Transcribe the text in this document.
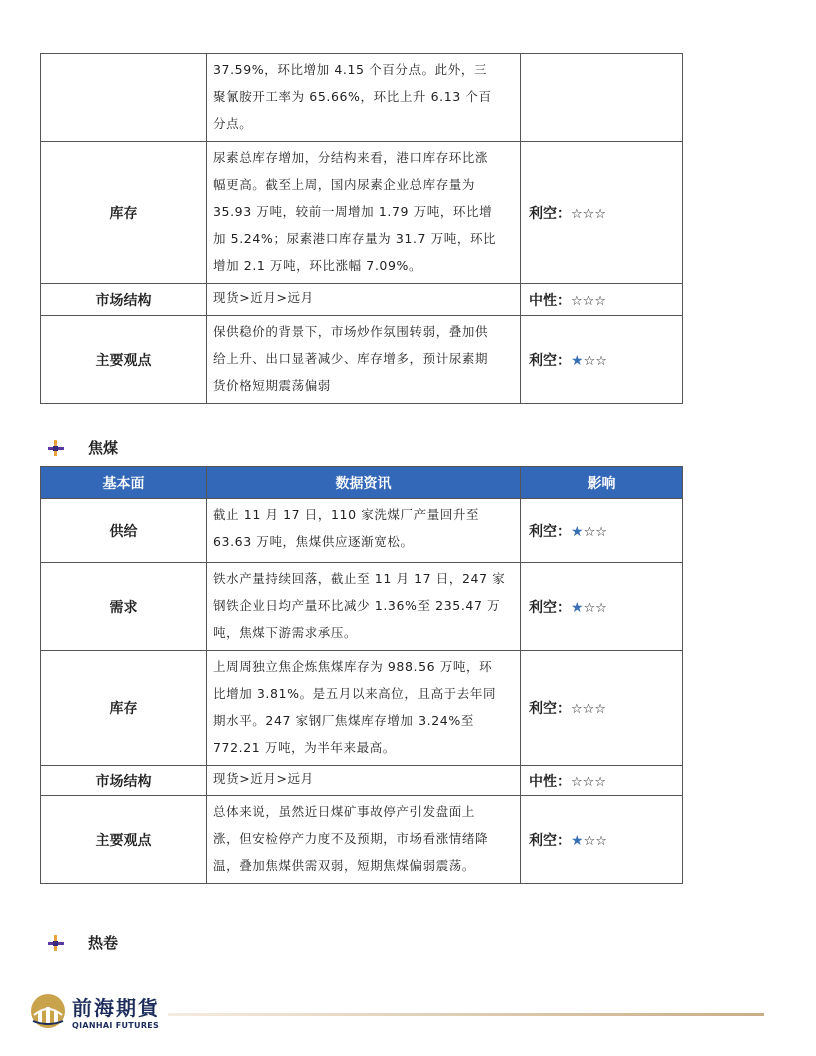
	37.59%，环比增加 4.15 个百分点。此外，三
聚氰胺开工率为 65.66%，环比上升 6.13 个百
分点。	

库存	尿素总库存增加，分结构来看，港口库存环比涨
幅更高。截至上周，国内尿素企业总库存量为
35.93 万吨，较前一周增加 1.79 万吨，环比增
加 5.24%；尿素港口库存量为 31.7 万吨，环比
增加 2.1 万吨，环比涨幅 7.09%。	利空：☆☆☆
市场结构	现货>近月>远月	中性：☆☆☆
主要观点	保供稳价的背景下，市场炒作氛围转弱，叠加供
给上升、出口显著减少、库存增多，预计尿素期
货价格短期震荡偏弱	利空：★☆☆
焦煤
基本面	数据资讯	影响
供给	截止 11 月 17 日，110 家洗煤厂产量回升至
63.63 万吨，焦煤供应逐渐宽松。	利空：★☆☆
需求	铁水产量持续回落，截止至 11 月 17 日，247 家
钢铁企业日均产量环比减少 1.36%至 235.47 万
吨，焦煤下游需求承压。	利空：★☆☆
库存	上周周独立焦企炼焦煤库存为 988.56 万吨，环
比增加 3.81%。是五月以来高位，且高于去年同
期水平。247 家钢厂焦煤库存增加 3.24%至
772.21 万吨，为半年来最高。	利空：☆☆☆
市场结构	现货>近月>远月	中性：☆☆☆
主要观点	总体来说，虽然近日煤矿事故停产引发盘面上
涨，但安检停产力度不及预期，市场看涨情绪降
温，叠加焦煤供需双弱，短期焦煤偏弱震荡。	利空：★☆☆
热卷
前海期貨
QIANHAI FUTURES
